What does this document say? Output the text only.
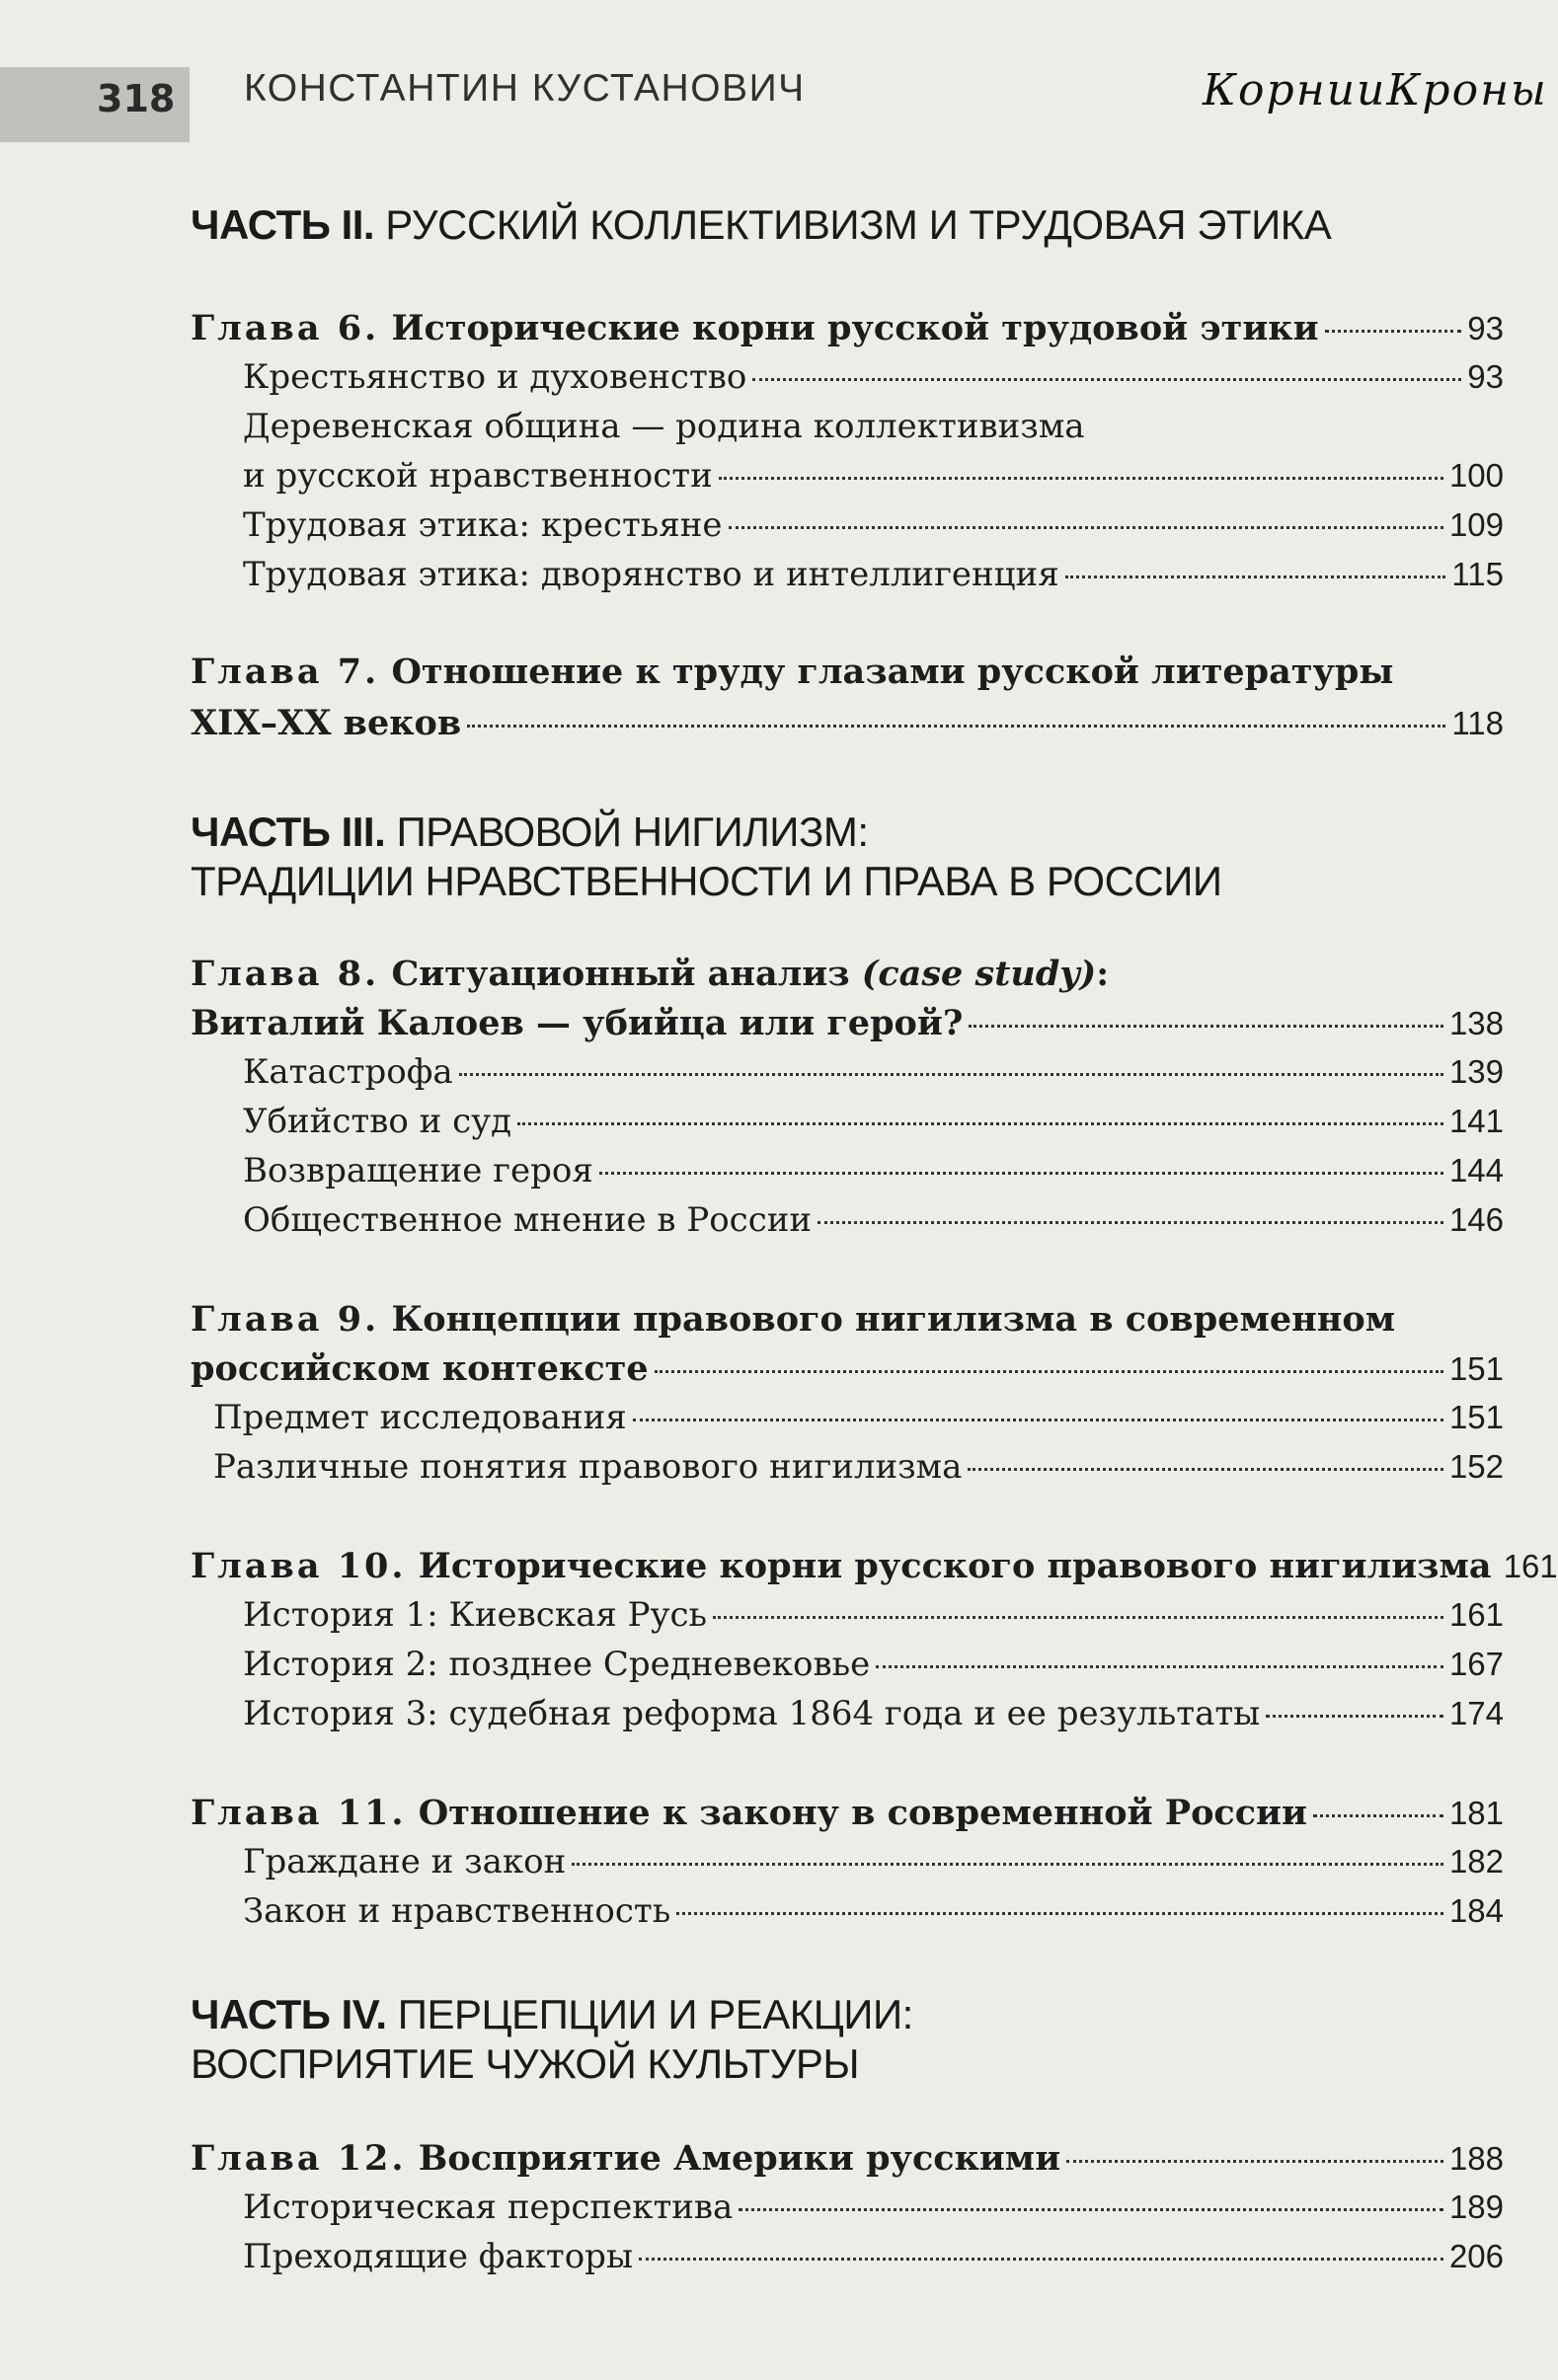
318 КОНСТАНТИН КУСТАНОВИЧ	КорнииКроны
ЧАСТЬ II. РУССКИЙ КОЛЛЕКТИВИЗМ И ТРУДОВАЯ ЭТИКА
Глава 6.
Исторические корни русской трудовой этики	93
Крестьянство и духовенство	93
Деревенская община — родина коллективизма
и русской нравственности	100
Трудовая этика: крестьяне	109
Трудовая этика: дворянство и интеллигенция	115
Глава 7.
Отношение к труду глазами русской литературы
XIX–XX веков	118
ЧАСТЬ III. ПРАВОВОЙ НИГИЛИЗМ:
ТРАДИЦИИ НРАВСТВЕННОСТИ И ПРАВА В РОССИИ
Глава 8.
Ситуационный анализ
(case study) :
Виталий Калоев — убийца или герой?	138
Катастрофа	139
Убийство и суд	141
Возвращение героя	144
Общественное мнение в России	146
Глава 9.
Концепции правового нигилизма в современном
российском контексте	151
Предмет исследования	151
Различные понятия правового нигилизма	152
Глава 10.
Исторические корни русского правового нигилизма 161
История 1: Киевская Русь	161
История 2: позднее Средневековье	167
История 3: судебная реформа 1864 года и ее результаты	174
Глава 11.
Отношение к закону в современной России	181
Граждане и закон	182
Закон и нравственность	184
ЧАСТЬ IV. ПЕРЦЕПЦИИ И РЕАКЦИИ:
ВОСПРИЯТИЕ ЧУЖОЙ КУЛЬТУРЫ
Глава 12.
Восприятие Америки русскими	188
Историческая перспектива	189
Преходящие факторы	206
